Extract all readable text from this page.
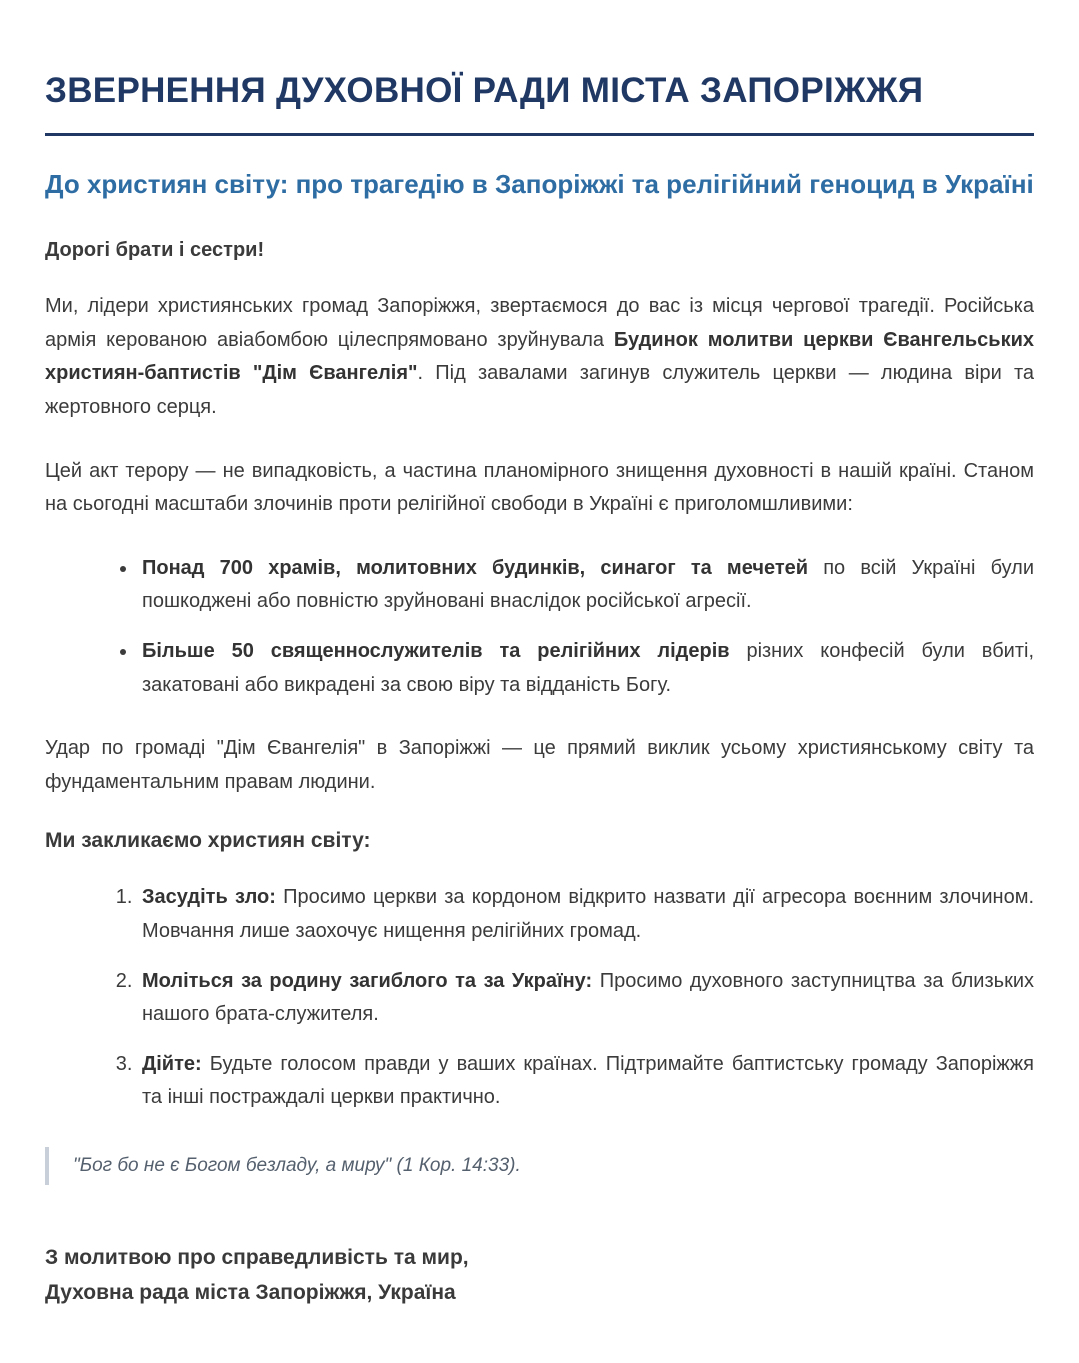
ЗВЕРНЕННЯ ДУХОВНОЇ РАДИ МІСТА ЗАПОРІЖЖЯ
До християн світу: про трагедію в Запоріжжі та релігійний геноцид в Україні

Дорогі брати і сестри!

Ми, лідери християнських громад Запоріжжя, звертаємося до вас із місця чергової трагедії. Російська армія керованою авіабомбою цілеспрямовано зруйнувала Будинок молитви церкви Євангельських християн-баптистів "Дім Євангелія". Під завалами загинув служитель церкви — людина віри та жертовного серця.

Цей акт терору — не випадковість, а частина планомірного знищення духовності в нашій країні. Станом на сьогодні масштаби злочинів проти релігійної свободи в Україні є приголомшливими:

• Понад 700 храмів, молитовних будинків, синагог та мечетей по всій Україні були пошкоджені або повністю зруйновані внаслідок російської агресії.
• Більше 50 священнослужителів та релігійних лідерів різних конфесій були вбиті, закатовані або викрадені за свою віру та відданість Богу.

Удар по громаді "Дім Євангелія" в Запоріжжі — це прямий виклик усьому християнському світу та фундаментальним правам людини.

Ми закликаємо християн світу:

1. Засудіть зло: Просимо церкви за кордоном відкрито назвати дії агресора воєнним злочином. Мовчання лише заохочує нищення релігійних громад.
2. Моліться за родину загиблого та за Україну: Просимо духовного заступництва за близьких нашого брата-служителя.
3. Дійте: Будьте голосом правди у ваших країнах. Підтримайте баптистську громаду Запоріжжя та інші постраждалі церкви практично.
"Бог бо не є Богом безладу, а миру" (1 Кор. 14:33).

З молитвою про справедливість та мир,
Духовна рада міста Запоріжжя, Україна
